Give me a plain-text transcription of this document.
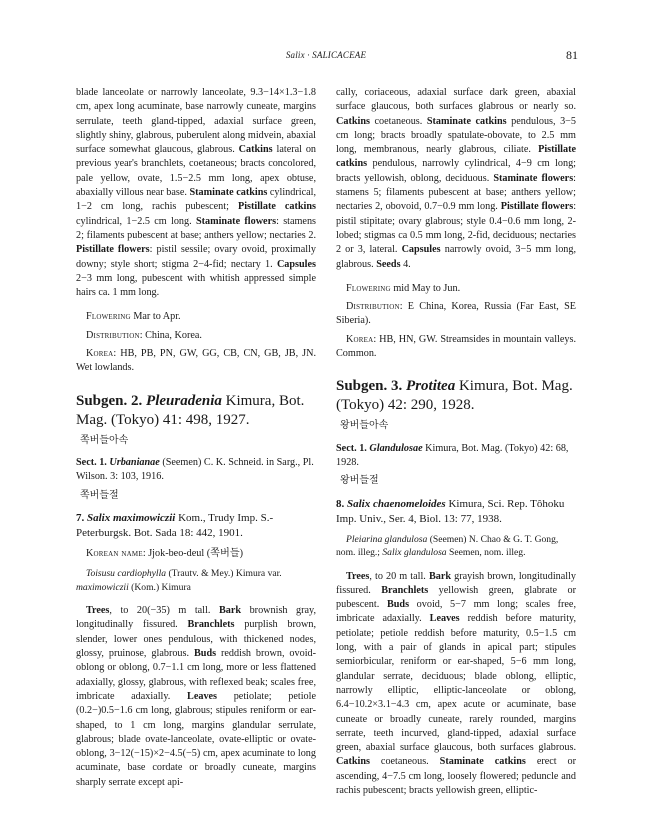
Salix · SALICACEAE	81

blade lanceolate or narrowly lanceolate, 9.3−14×1.3−1.8 cm, apex long acuminate, base narrowly cuneate, margins serrulate, teeth gland-tipped, adaxial surface green, slightly shiny, glabrous, puberulent along midvein, abaxial surface somewhat glaucous, glabrous. Catkins lateral on previous year's branchlets, coetaneous; bracts concolored, pale yellow, ovate, 1.5−2.5 mm long, apex obtuse, abaxially villous near base. Staminate catkins cylindrical, 1−2 cm long, rachis pubescent; Pistillate catkins cylindrical, 1−2.5 cm long. Staminate flowers: stamens 2; filaments pubescent at base; anthers yellow; nectaries 2. Pistillate flowers: pistil sessile; ovary ovoid, proximally downy; style short; stigma 2−4-fid; nectary 1. Capsules 2−3 mm long, pubescent with whitish appressed simple hairs ca. 1 mm long.

Flowering Mar to Apr.

Distribution: China, Korea.

Korea: HB, PB, PN, GW, GG, CB, CN, GB, JB, JN. Wet lowlands.

Subgen. 2. Pleuradenia Kimura, Bot. Mag. (Tokyo) 41: 498, 1927.
쪽버들아속

Sect. 1. Urbanianae (Seemen) C. K. Schneid. in Sarg., Pl. Wilson. 3: 103, 1916.

쪽버들절

7. Salix maximowiczii Kom., Trudy Imp. S.-Peterburgsk. Bot. Sada 18: 442, 1901.

Korean name: Jjok-beo-deul (쪽버들)

Toisusu cardiophylla (Trautv. & Mey.) Kimura var. maximowiczii (Kom.) Kimura

Trees, to 20(−35) m tall. Bark brownish gray, longitudinally fissured. Branchlets purplish brown, slender, lower ones pendulous, with thickened nodes, glossy, pruinose, glabrous. Buds reddish brown, ovoid-oblong or oblong, 0.7−1.1 cm long, more or less flattened adaxially, glossy, glabrous, with reflexed beak; scales free, imbricate adaxially. Leaves petiolate; petiole (0.2−)0.5−1.6 cm long, glabrous; stipules reniform or ear-shaped, to 1 cm long, margins glandular serrulate, glabrous; blade ovate-lanceolate, ovate-elliptic or ovate-oblong, 3−12(−15)×2−4.5(−5) cm, apex acuminate to long acuminate, base cordate or broadly cuneate, margins sharply serrate except api-

cally, coriaceous, adaxial surface dark green, abaxial surface glaucous, both surfaces glabrous or nearly so. Catkins coetaneous. Staminate catkins pendulous, 3−5 cm long; bracts broadly spatulate-obovate, to 2.5 mm long, membranous, nearly glabrous, ciliate. Pistillate catkins pendulous, narrowly cylindrical, 4−9 cm long; bracts yellowish, oblong, deciduous. Staminate flowers: stamens 5; filaments pubescent at base; anthers yellow; nectaries 2, obovoid, 0.7−0.9 mm long. Pistillate flowers: pistil stipitate; ovary glabrous; style 0.4−0.6 mm long, 2-lobed; stigmas ca 0.5 mm long, 2-fid, deciduous; nectaries 2 or 3, lateral. Capsules narrowly ovoid, 3−5 mm long, glabrous. Seeds 4.

Flowering mid May to Jun.

Distribution: E China, Korea, Russia (Far East, SE Siberia).

Korea: HB, HN, GW. Streamsides in mountain valleys. Common.

Subgen. 3. Protitea Kimura, Bot. Mag. (Tokyo) 42: 290, 1928.
왕버들아속

Sect. 1. Glandulosae Kimura, Bot. Mag. (Tokyo) 42: 68, 1928.

왕버들절

8. Salix chaenomeloides Kimura, Sci. Rep. Tôhoku Imp. Univ., Ser. 4, Biol. 13: 77, 1938.

Pleiarina glandulosa (Seemen) N. Chao & G. T. Gong, nom. illeg.; Salix glandulosa Seemen, nom. illeg.

Trees, to 20 m tall. Bark grayish brown, longitudinally fissured. Branchlets yellowish green, glabrate or pubescent. Buds ovoid, 5−7 mm long; scales free, imbricate adaxially. Leaves reddish before maturity, petiolate; petiole reddish before maturity, 0.5−1.5 cm long, with a pair of glands in apical part; stipules semiorbicular, reniform or ear-shaped, 5−6 mm long, glandular serrate, deciduous; blade oblong, elliptic, narrowly elliptic, elliptic-lanceolate or oblong, 6.4−10.2×3.1−4.3 cm, apex acute or acuminate, base cuneate or broadly cuneate, rarely rounded, margins serrate, teeth incurved, gland-tipped, adaxial surface green, abaxial surface glaucous, both surfaces glabrous. Catkins coetaneous. Staminate catkins erect or ascending, 4−7.5 cm long, loosely flowered; peduncle and rachis pubescent; bracts yellowish green, elliptic-
